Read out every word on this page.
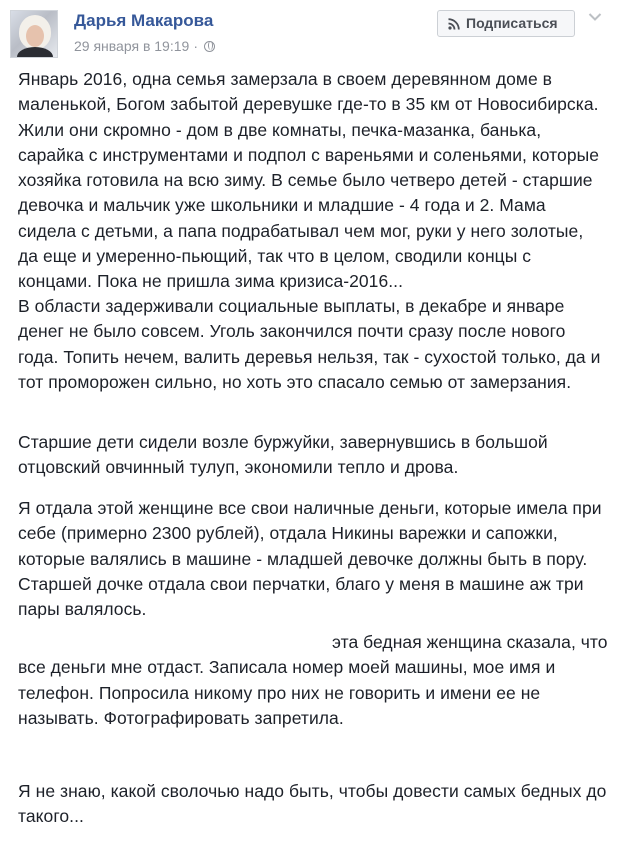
Дарья Макарова
29 января в 19:19 ·
Подписаться

Январь 2016, одна семья замерзала в своем деревянном доме в маленькой, Богом забытой деревушке где-то в 35 км от Новосибирска. Жили они скромно - дом в две комнаты, печка-мазанка, банька, сарайка с инструментами и подпол с вареньями и соленьями, которые хозяйка готовила на всю зиму. В семье было четверо детей - старшие девочка и мальчик уже школьники и младшие - 4 года и 2. Мама сидела с детьми, а папа подрабатывал чем мог, руки у него золотые, да еще и умеренно-пьющий, так что в целом, сводили концы с концами. Пока не пришла зима кризиса-2016...

В области задерживали социальные выплаты, в декабре и январе денег не было совсем. Уголь закончился почти сразу после нового года. Топить нечем, валить деревья нельзя, так - сухостой только, да и тот проморожен сильно, но хоть это спасало семью от замерзания.

Старшие дети сидели возле буржуйки, завернувшись в большой отцовский овчинный тулуп, экономили тепло и дрова.

Я отдала этой женщине все свои наличные деньги, которые имела при себе (примерно 2300 рублей), отдала Никины варежки и сапожки, которые валялись в машине - младшей девочке должны быть в пору. Старшей дочке отдала свои перчатки, благо у меня в машине аж три пары валялось.

эта бедная женщина сказала, что все деньги мне отдаст. Записала номер моей машины, мое имя и телефон. Попросила никому про них не говорить и имени ее не называть. Фотографировать запретила.

Я не знаю, какой сволочью надо быть, чтобы довести самых бедных до такого...
